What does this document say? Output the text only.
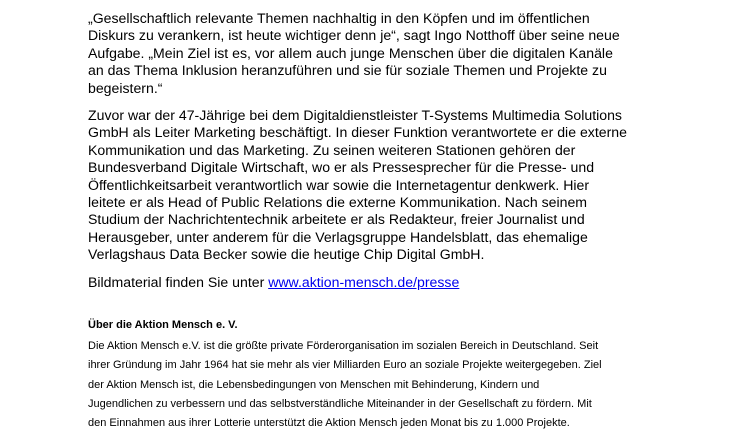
„Gesellschaftlich relevante Themen nachhaltig in den Köpfen und im öffentlichen
Diskurs zu verankern, ist heute wichtiger denn je“, sagt Ingo Notthoff über seine neue
Aufgabe. „Mein Ziel ist es, vor allem auch junge Menschen über die digitalen Kanäle
an das Thema Inklusion heranzuführen und sie für soziale Themen und Projekte zu
begeistern.“

Zuvor war der 47-Jährige bei dem Digitaldienstleister T-Systems Multimedia Solutions
GmbH als Leiter Marketing beschäftigt. In dieser Funktion verantwortete er die externe
Kommunikation und das Marketing. Zu seinen weiteren Stationen gehören der
Bundesverband Digitale Wirtschaft, wo er als Pressesprecher für die Presse- und
Öffentlichkeitsarbeit verantwortlich war sowie die Internetagentur denkwerk. Hier
leitete er als Head of Public Relations die externe Kommunikation. Nach seinem
Studium der Nachrichtentechnik arbeitete er als Redakteur, freier Journalist und
Herausgeber, unter anderem für die Verlagsgruppe Handelsblatt, das ehemalige
Verlagshaus Data Becker sowie die heutige Chip Digital GmbH.

Bildmaterial finden Sie unter www.aktion-mensch.de/presse

Über die Aktion Mensch e. V.

Die Aktion Mensch e.V. ist die größte private Förderorganisation im sozialen Bereich in Deutschland. Seit
ihrer Gründung im Jahr 1964 hat sie mehr als vier Milliarden Euro an soziale Projekte weitergegeben. Ziel
der Aktion Mensch ist, die Lebensbedingungen von Menschen mit Behinderung, Kindern und
Jugendlichen zu verbessern und das selbstverständliche Miteinander in der Gesellschaft zu fördern. Mit
den Einnahmen aus ihrer Lotterie unterstützt die Aktion Mensch jeden Monat bis zu 1.000 Projekte.
